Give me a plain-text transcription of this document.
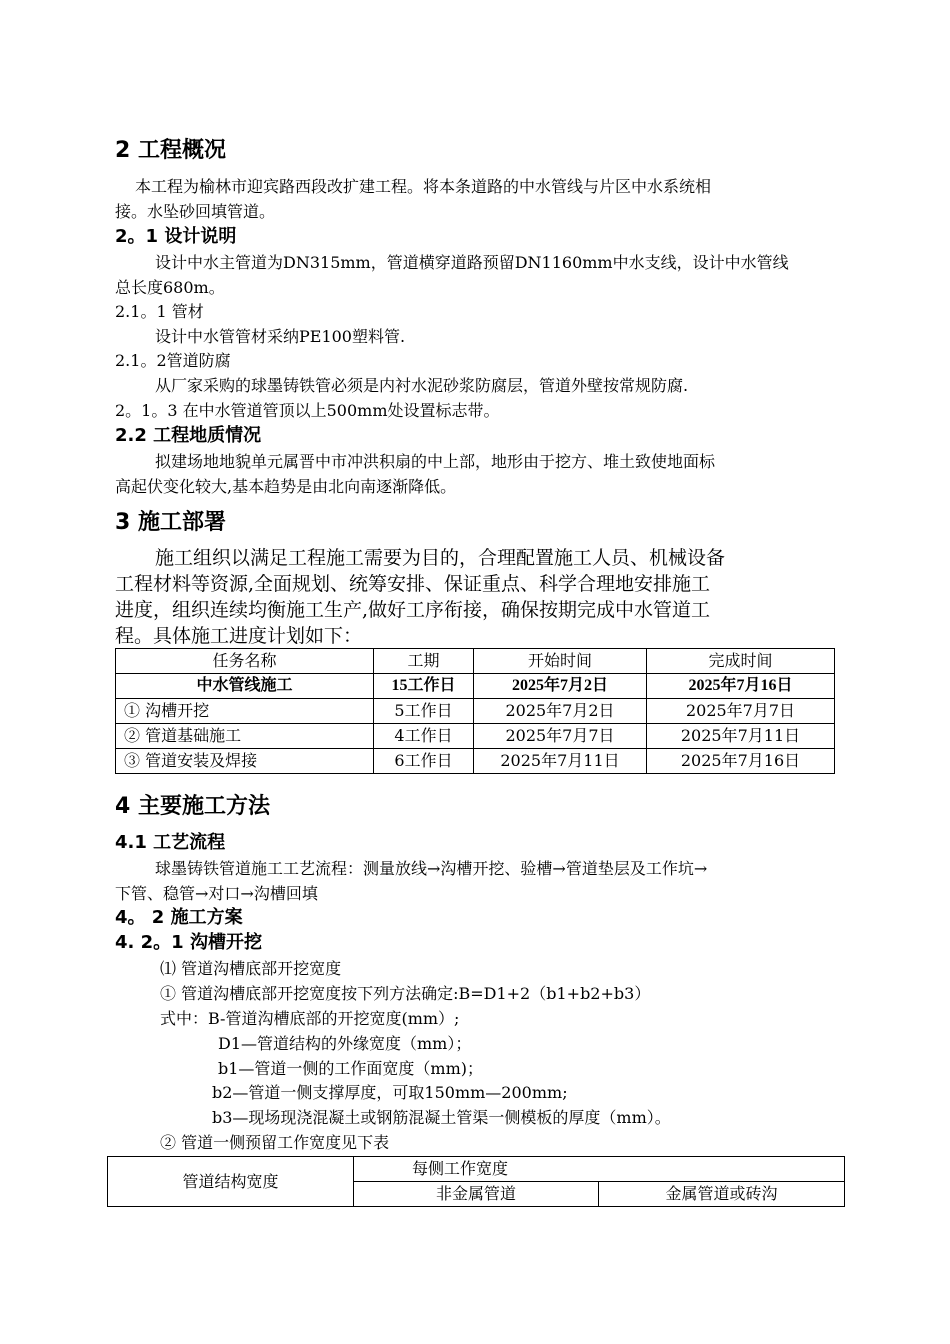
2 工程概况
本工程为榆林市迎宾路西段改扩建工程。将本条道路的中水管线与片区中水系统相
接。水坠砂回填管道。
2。1 设计说明
设计中水主管道为DN315mm，管道横穿道路预留DN1160mm中水支线，设计中水管线
总长度680m。
2.1。1 管材
设计中水管管材采纳PE100塑料管.
2.1。2管道防腐
从厂家采购的球墨铸铁管必须是内衬水泥砂浆防腐层，管道外壁按常规防腐.
2。1。3 在中水管道管顶以上500mm处设置标志带。
2.2 工程地质情况
拟建场地地貌单元属晋中市冲洪积扇的中上部，地形由于挖方、堆土致使地面标
高起伏变化较大,基本趋势是由北向南逐渐降低。
3 施工部署
施工组织以满足工程施工需要为目的，合理配置施工人员、机械设备
工程材料等资源,全面规划、统筹安排、保证重点、科学合理地安排施工
进度，组织连续均衡施工生产,做好工序衔接，确保按期完成中水管道工
程。具体施工进度计划如下：
任务名称	工期	开始时间	完成时间
中水管线施工	15工作日	2025年7月2日	2025年7月16日
① 沟槽开挖	5工作日	2025年7月2日	2025年7月7日
② 管道基础施工	4工作日	2025年7月7日	2025年7月11日
③ 管道安装及焊接	6工作日	2025年7月11日	2025年7月16日
4 主要施工方法
4.1 工艺流程
球墨铸铁管道施工工艺流程：测量放线→沟槽开挖、验槽→管道垫层及工作坑→
下管、稳管→对口→沟槽回填
4。 2 施工方案
4. 2。1 沟槽开挖
⑴ 管道沟槽底部开挖宽度
① 管道沟槽底部开挖宽度按下列方法确定:B=D1+2（b1+b2+b3）
式中：B-管道沟槽底部的开挖宽度(mm）;
D1—管道结构的外缘宽度（mm）；
b1—管道一侧的工作面宽度（mm)；
b2—管道一侧支撑厚度，可取150mm—200mm;
b3—现场现浇混凝土或钢筋混凝土管渠一侧模板的厚度（mm）。
② 管道一侧预留工作宽度见下表
管道结构宽度	每侧工作宽度	
	非金属管道	金属管道或砖沟
